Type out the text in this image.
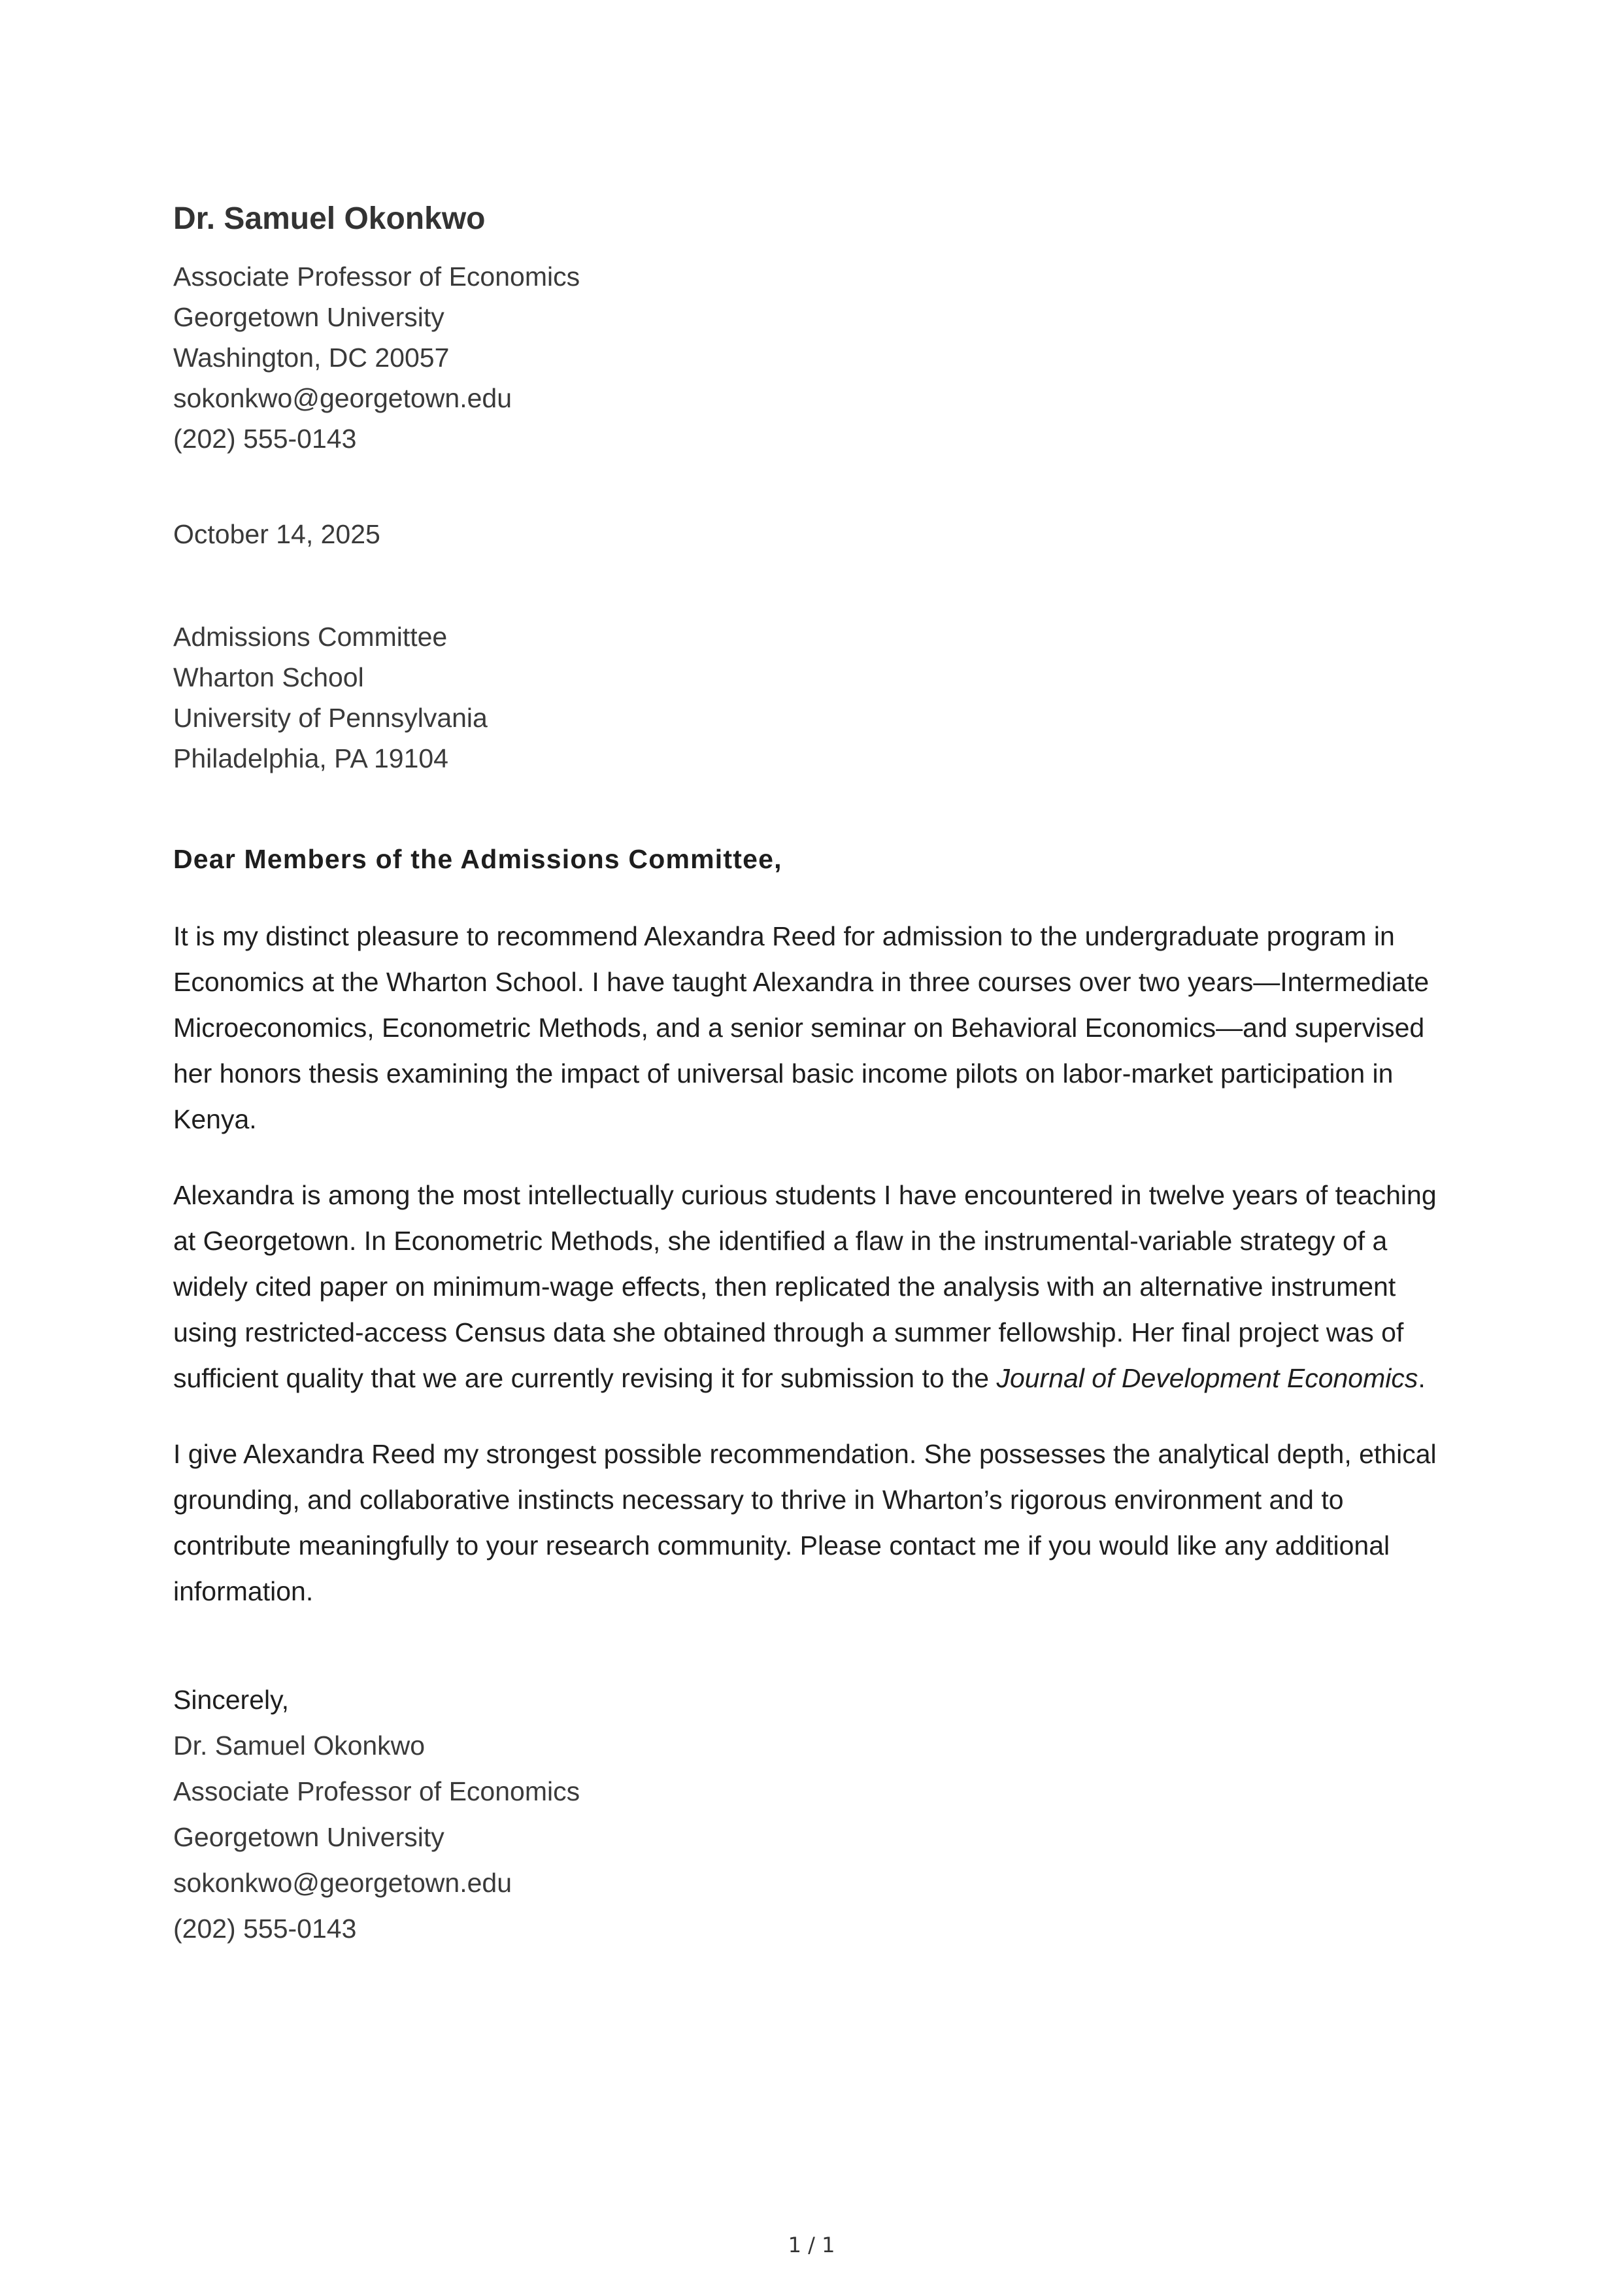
Dr. Samuel Okonkwo

Associate Professor of Economics

Georgetown University

Washington, DC 20057

sokonkwo@georgetown.edu

(202) 555-0143

October 14, 2025

Admissions Committee

Wharton School

University of Pennsylvania

Philadelphia, PA 19104

Dear Members of the Admissions Committee,

It is my distinct pleasure to recommend Alexandra Reed for admission to the undergraduate program in Economics at the Wharton School. I have taught Alexandra in three courses over two years—Intermediate Microeconomics, Econometric Methods, and a senior seminar on Behavioral Economics—and supervised her honors thesis examining the impact of universal basic income pilots on labor-market participation in Kenya.

Alexandra is among the most intellectually curious students I have encountered in twelve years of teaching at Georgetown. In Econometric Methods, she identified a flaw in the instrumental-variable strategy of a widely cited paper on minimum-wage effects, then replicated the analysis with an alternative instrument using restricted-access Census data she obtained through a summer fellowship. Her final project was of sufficient quality that we are currently revising it for submission to the Journal of Development Economics.

I give Alexandra Reed my strongest possible recommendation. She possesses the analytical depth, ethical grounding, and collaborative instincts necessary to thrive in Wharton’s rigorous environment and to contribute meaningfully to your research community. Please contact me if you would like any additional information.

Sincerely,

Dr. Samuel Okonkwo

Associate Professor of Economics

Georgetown University

sokonkwo@georgetown.edu

(202) 555-0143

1 / 1
